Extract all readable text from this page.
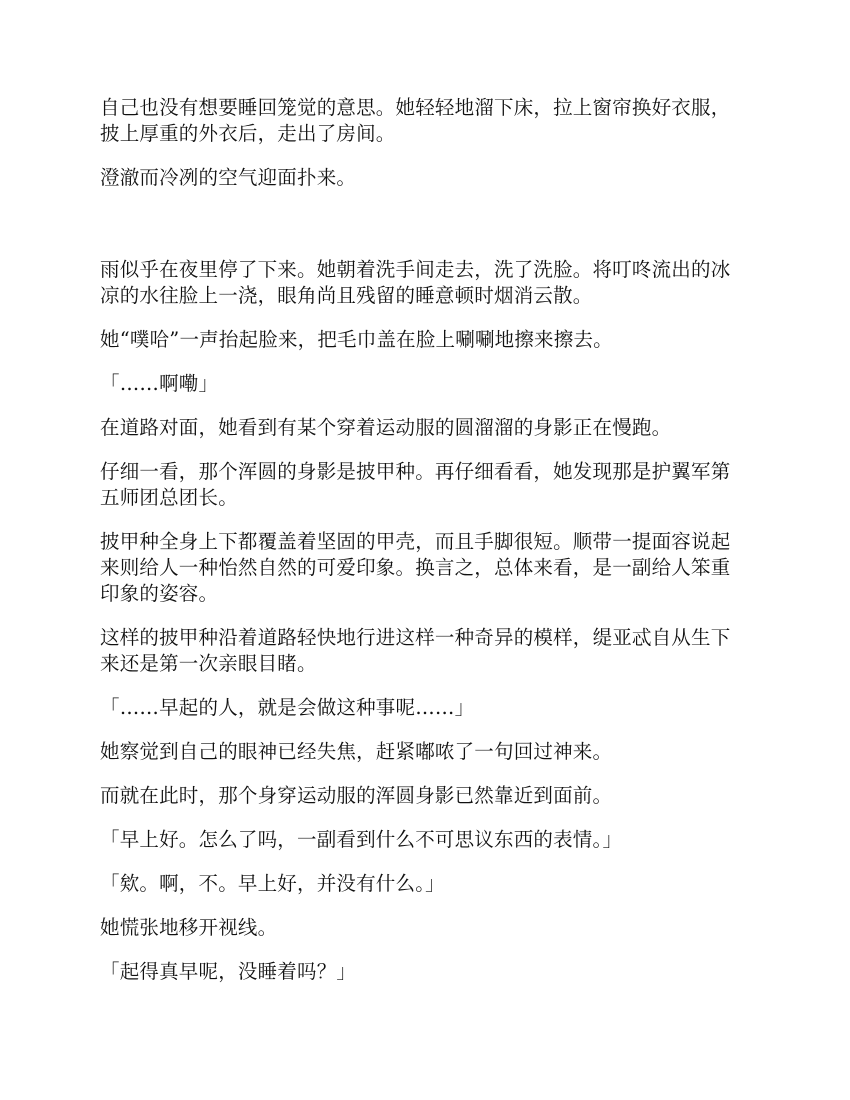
自己也没有想要睡回笼觉的意思。她轻轻地溜下床，拉上窗帘换好衣服，披上厚重的外衣后，走出了房间。

澄澈而冷冽的空气迎面扑来。

雨似乎在夜里停了下来。她朝着洗手间走去，洗了洗脸。将叮咚流出的冰凉的水往脸上一浇，眼角尚且残留的睡意顿时烟消云散。

她“噗哈”一声抬起脸来，把毛巾盖在脸上唰唰地擦来擦去。

「……啊嘞」

在道路对面，她看到有某个穿着运动服的圆溜溜的身影正在慢跑。

仔细一看，那个浑圆的身影是披甲种。再仔细看看，她发现那是护翼军第五师团总团长。

披甲种全身上下都覆盖着坚固的甲壳，而且手脚很短。顺带一提面容说起来则给人一种怡然自然的可爱印象。换言之，总体来看，是一副给人笨重印象的姿容。

这样的披甲种沿着道路轻快地行进这样一种奇异的模样，缇亚忒自从生下来还是第一次亲眼目睹。

「……早起的人，就是会做这种事呢……」

她察觉到自己的眼神已经失焦，赶紧嘟哝了一句回过神来。

而就在此时，那个身穿运动服的浑圆身影已然靠近到面前。

「早上好。怎么了吗，一副看到什么不可思议东西的表情。」

「欸。啊，不。早上好，并没有什么。」

她慌张地移开视线。

「起得真早呢，没睡着吗？」
